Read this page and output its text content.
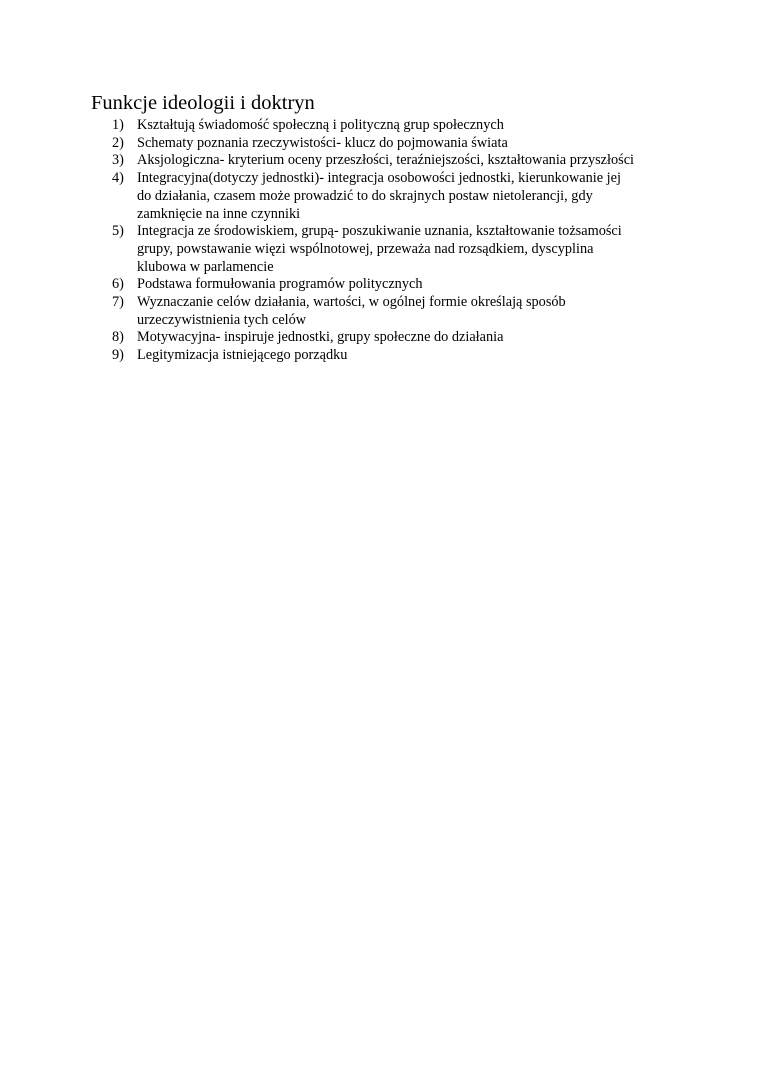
Funkcje ideologii i doktryn
1) Kształtują świadomość społeczną i polityczną grup społecznych
2) Schematy poznania rzeczywistości- klucz do pojmowania świata
3) Aksjologiczna- kryterium oceny przeszłości, teraźniejszości, kształtowania przyszłości
4) Integracyjna(dotyczy jednostki)- integracja osobowości jednostki, kierunkowanie jej
do działania, czasem może prowadzić to do skrajnych postaw nietolerancji, gdy
zamknięcie na inne czynniki
5) Integracja ze środowiskiem, grupą- poszukiwanie uznania, kształtowanie tożsamości
grupy, powstawanie więzi wspólnotowej, przeważa nad rozsądkiem, dyscyplina
klubowa w parlamencie
6) Podstawa formułowania programów politycznych
7) Wyznaczanie celów działania, wartości, w ogólnej formie określają sposób
urzeczywistnienia tych celów
8) Motywacyjna- inspiruje jednostki, grupy społeczne do działania
9) Legitymizacja istniejącego porządku
